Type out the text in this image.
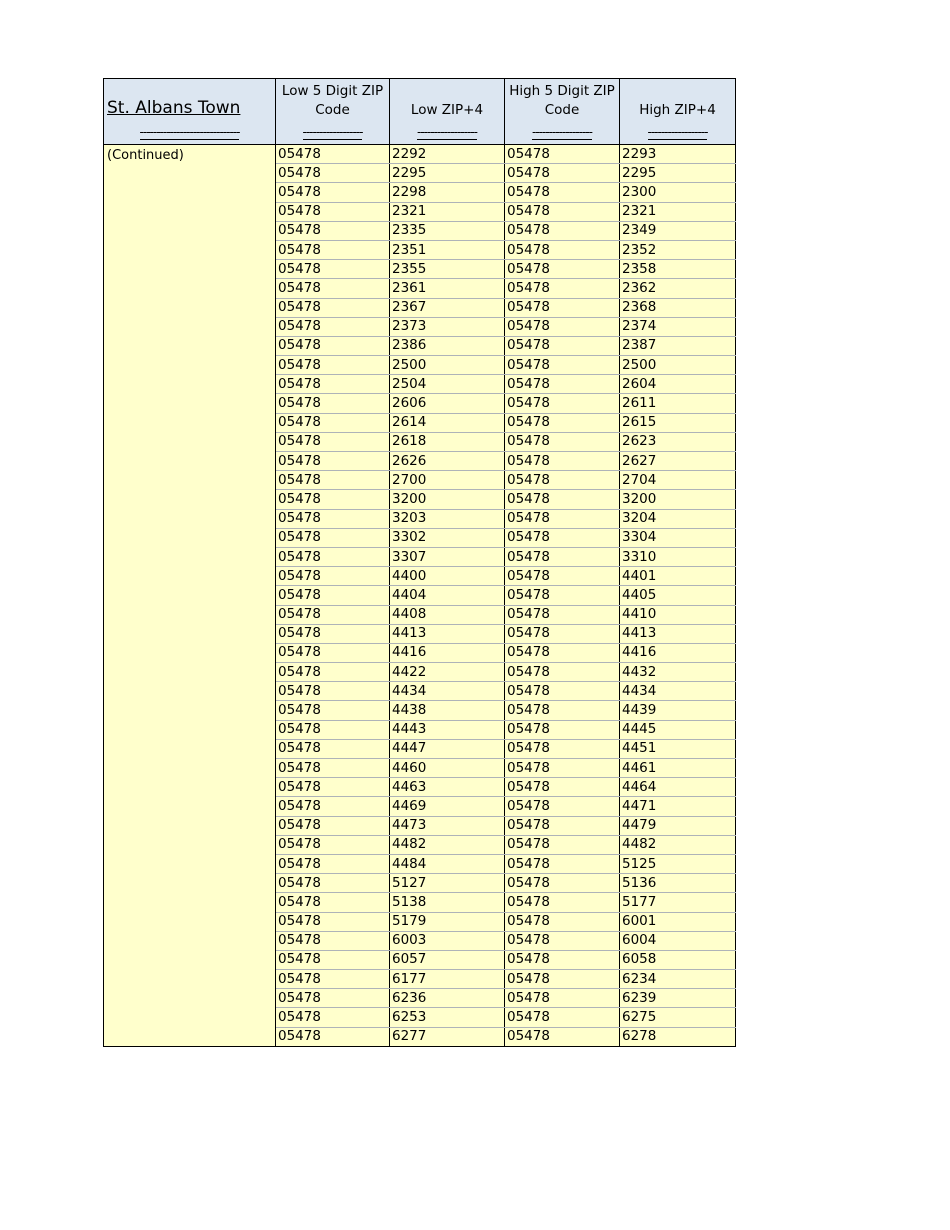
St. Albans Town	Low 5 Digit ZIP Code	Low ZIP+4	High 5 Digit ZIP Code	High ZIP+4
------------------------------	------------------	------------------	------------------	------------------
(Continued)	05478	2292	05478	2293
	05478	2295	05478	2295
	05478	2298	05478	2300
	05478	2321	05478	2321
	05478	2335	05478	2349
	05478	2351	05478	2352
	05478	2355	05478	2358
	05478	2361	05478	2362
	05478	2367	05478	2368
	05478	2373	05478	2374
	05478	2386	05478	2387
	05478	2500	05478	2500
	05478	2504	05478	2604
	05478	2606	05478	2611
	05478	2614	05478	2615
	05478	2618	05478	2623
	05478	2626	05478	2627
	05478	2700	05478	2704
	05478	3200	05478	3200
	05478	3203	05478	3204
	05478	3302	05478	3304
	05478	3307	05478	3310
	05478	4400	05478	4401
	05478	4404	05478	4405
	05478	4408	05478	4410
	05478	4413	05478	4413
	05478	4416	05478	4416
	05478	4422	05478	4432
	05478	4434	05478	4434
	05478	4438	05478	4439
	05478	4443	05478	4445
	05478	4447	05478	4451
	05478	4460	05478	4461
	05478	4463	05478	4464
	05478	4469	05478	4471
	05478	4473	05478	4479
	05478	4482	05478	4482
	05478	4484	05478	5125
	05478	5127	05478	5136
	05478	5138	05478	5177
	05478	5179	05478	6001
	05478	6003	05478	6004
	05478	6057	05478	6058
	05478	6177	05478	6234
	05478	6236	05478	6239
	05478	6253	05478	6275
	05478	6277	05478	6278
